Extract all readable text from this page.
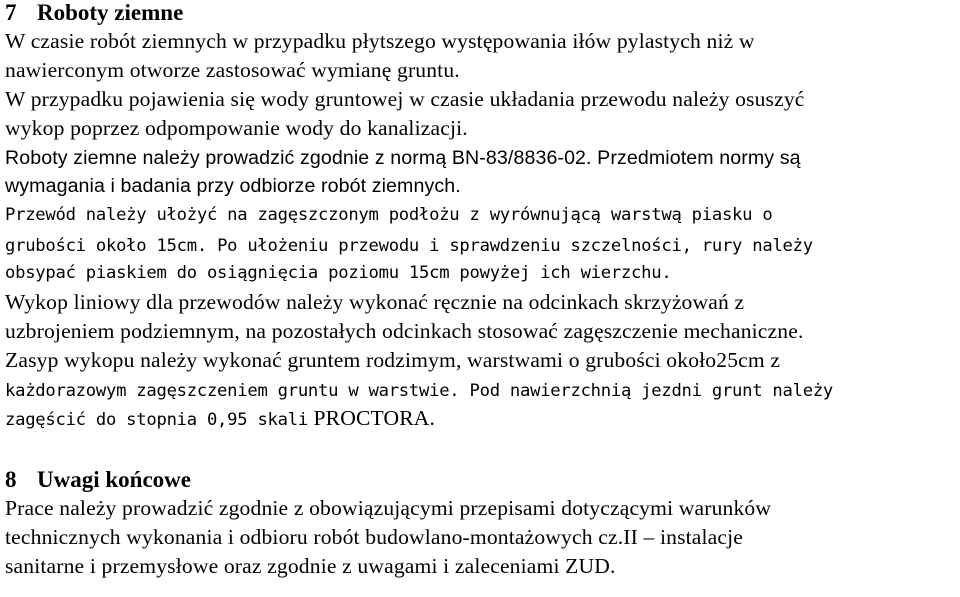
7 Roboty ziemne
W czasie robót ziemnych w przypadku płytszego występowania iłów pylastych niż w
nawierconym otworze zastosować wymianę gruntu.
W przypadku pojawienia się wody gruntowej w czasie układania przewodu należy osuszyć
wykop poprzez odpompowanie wody do kanalizacji.
Roboty ziemne należy prowadzić zgodnie z normą BN-83/8836-02. Przedmiotem normy są
wymagania i badania przy odbiorze robót ziemnych.
Przewód należy ułożyć na zagęszczonym podłożu z wyrównującą warstwą piasku o
grubości około 15cm. Po ułożeniu przewodu i sprawdzeniu szczelności, rury należy
obsypać piaskiem do osiągnięcia poziomu 15cm powyżej ich wierzchu.
Wykop liniowy dla przewodów należy wykonać ręcznie na odcinkach skrzyżowań z
uzbrojeniem podziemnym, na pozostałych odcinkach stosować zagęszczenie mechaniczne.
Zasyp wykopu należy wykonać gruntem rodzimym, warstwami o grubości około25cm z
każdorazowym zagęszczeniem gruntu w warstwie. Pod nawierzchnią jezdni grunt należy
zagęścić do stopnia 0,95 skali PROCTORA.
8 Uwagi końcowe
Prace należy prowadzić zgodnie z obowiązującymi przepisami dotyczącymi warunków
technicznych wykonania i odbioru robót budowlano-montażowych cz.II – instalacje
sanitarne i przemysłowe oraz zgodnie z uwagami i zaleceniami ZUD.
